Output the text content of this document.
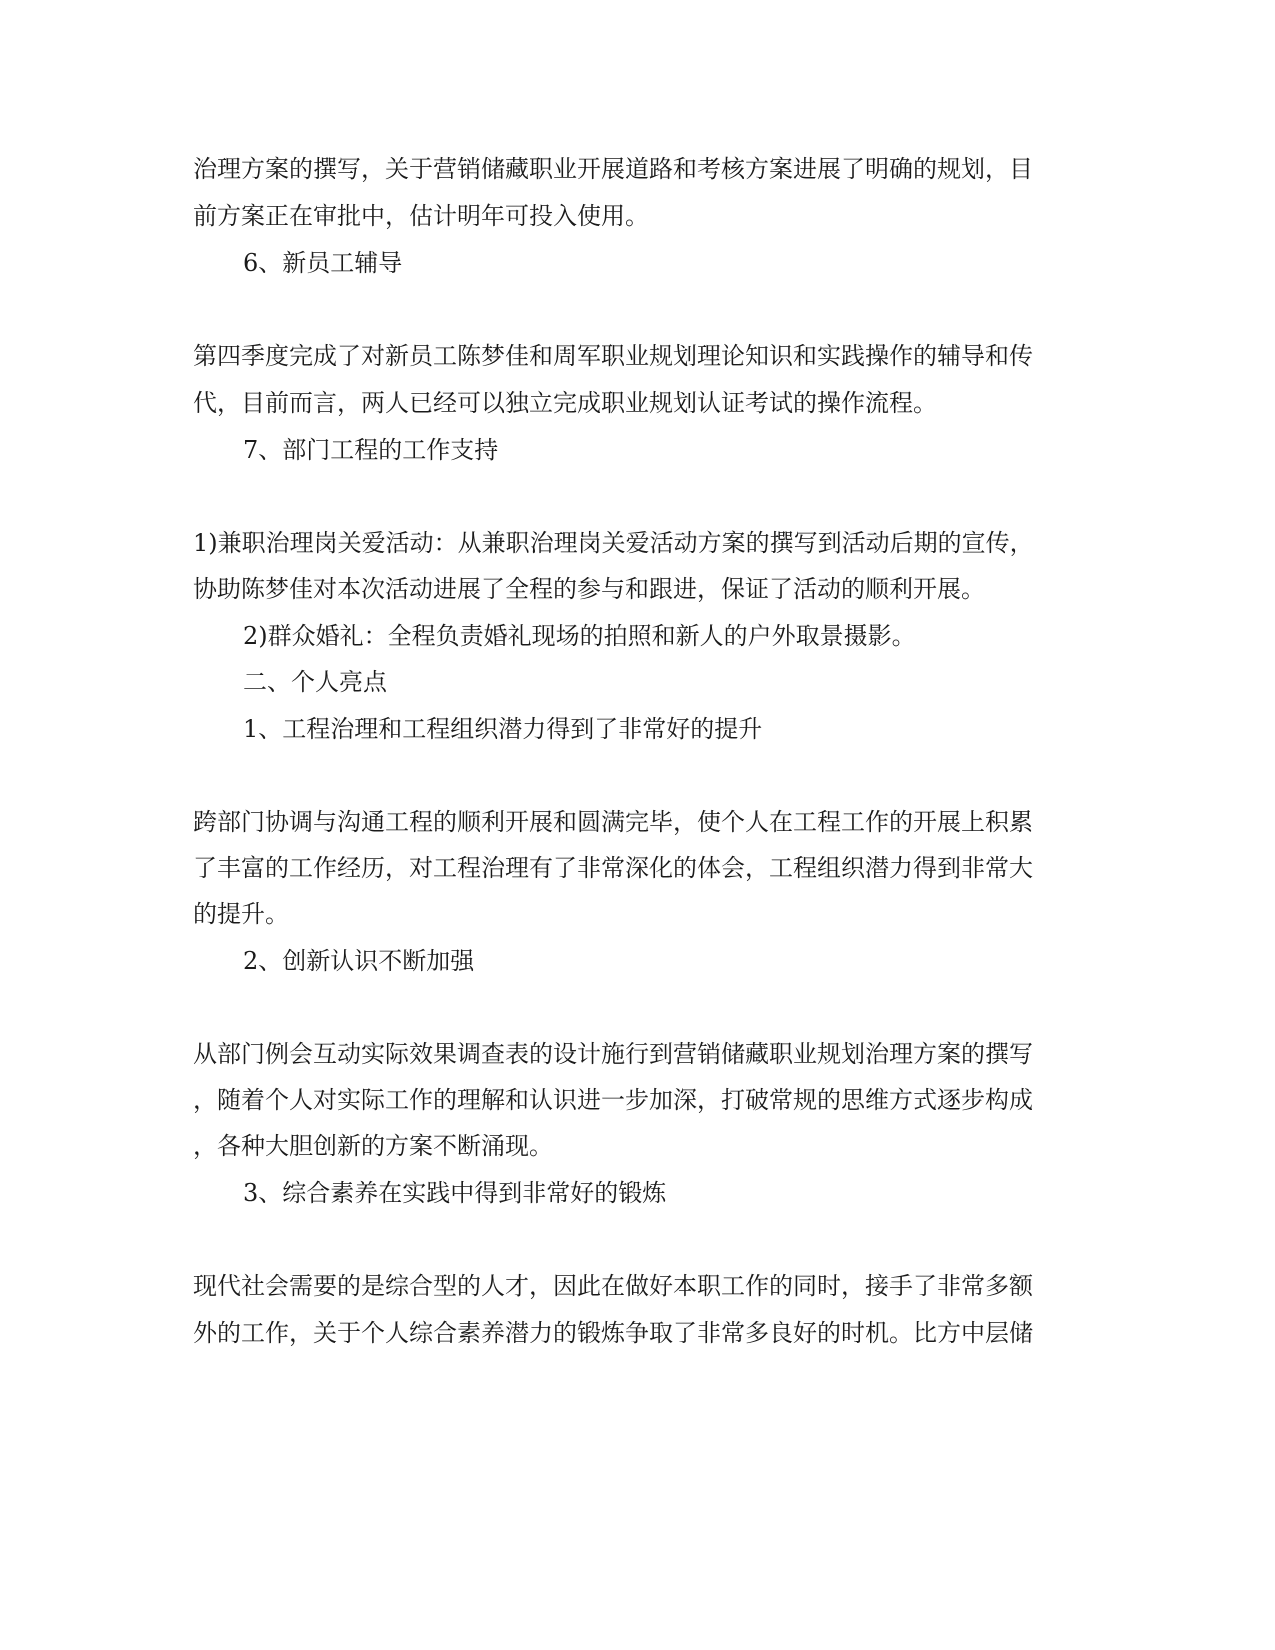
治理方案的撰写，关于营销储藏职业开展道路和考核方案进展了明确的规划，目

前方案正在审批中，估计明年可投入使用。

6、新员工辅导

第四季度完成了对新员工陈梦佳和周军职业规划理论知识和实践操作的辅导和传

代，目前而言，两人已经可以独立完成职业规划认证考试的操作流程。

7、部门工程的工作支持

1)兼职治理岗关爱活动：从兼职治理岗关爱活动方案的撰写到活动后期的宣传，

协助陈梦佳对本次活动进展了全程的参与和跟进，保证了活动的顺利开展。

2)群众婚礼：全程负责婚礼现场的拍照和新人的户外取景摄影。

二、个人亮点

1、工程治理和工程组织潜力得到了非常好的提升

跨部门协调与沟通工程的顺利开展和圆满完毕，使个人在工程工作的开展上积累

了丰富的工作经历，对工程治理有了非常深化的体会，工程组织潜力得到非常大

的提升。

2、创新认识不断加强

从部门例会互动实际效果调查表的设计施行到营销储藏职业规划治理方案的撰写

，随着个人对实际工作的理解和认识进一步加深，打破常规的思维方式逐步构成

，各种大胆创新的方案不断涌现。

3、综合素养在实践中得到非常好的锻炼

现代社会需要的是综合型的人才，因此在做好本职工作的同时，接手了非常多额

外的工作，关于个人综合素养潜力的锻炼争取了非常多良好的时机。比方中层储
